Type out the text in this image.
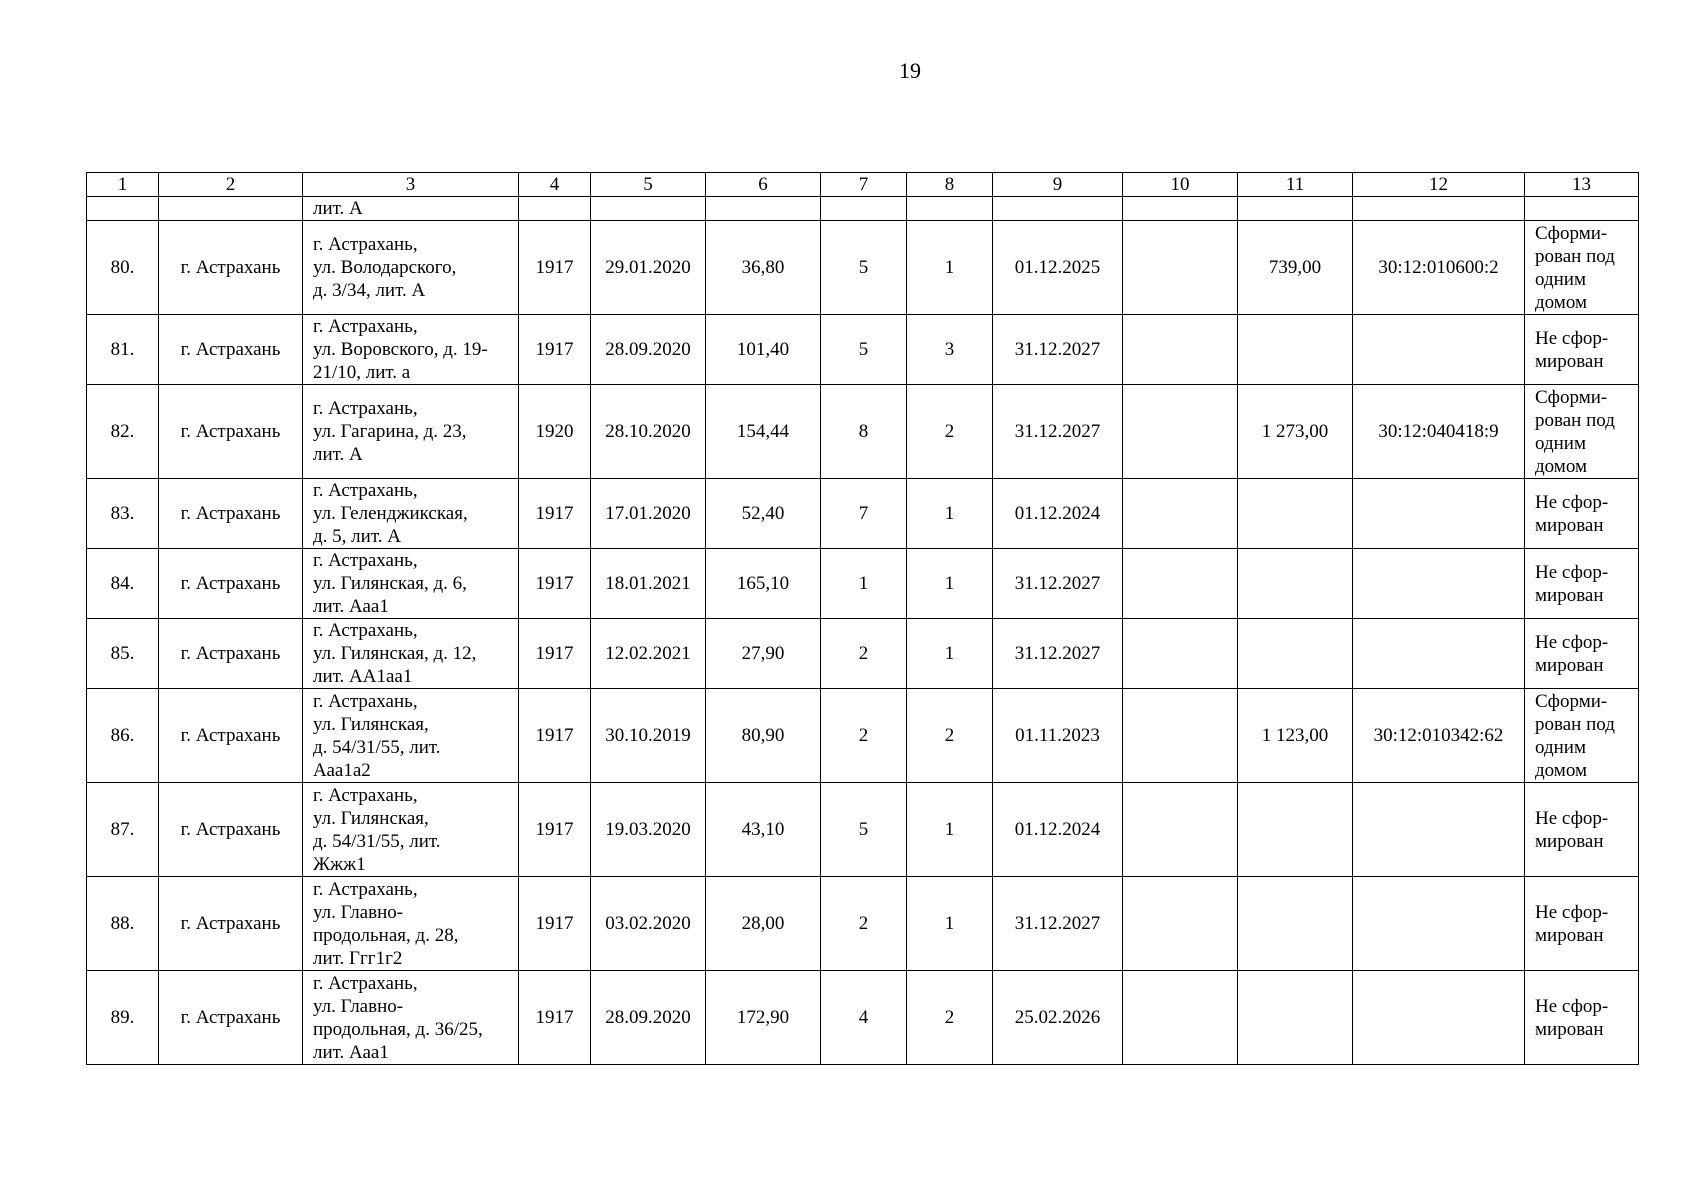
19
1	2	3	4	5	6	7	8	9	10	11	12	13
		лит. А										

80.	г. Астрахань	г. Астрахань,
ул. Володарского,
д. 3/34, лит. А	1917	29.01.2020	36,80	5	1	01.12.2025		739,00	30:12:010600:2	Сформи-
рован под
одним
домом

81.	г. Астрахань	г. Астрахань,
ул. Воровского, д. 19-
21/10, лит. а	1917	28.09.2020	101,40	5	3	31.12.2027				Не сфор-
мирован

82.	г. Астрахань	г. Астрахань,
ул. Гагарина, д. 23,
лит. А	1920	28.10.2020	154,44	8	2	31.12.2027		1 273,00	30:12:040418:9	Сформи-
рован под
одним
домом

83.	г. Астрахань	г. Астрахань,
ул. Геленджикская,
д. 5, лит. А	1917	17.01.2020	52,40	7	1	01.12.2024				Не сфор-
мирован

84.	г. Астрахань	г. Астрахань,
ул. Гилянская, д. 6,
лит. Ааа1	1917	18.01.2021	165,10	1	1	31.12.2027				Не сфор-
мирован

85.	г. Астрахань	г. Астрахань,
ул. Гилянская, д. 12,
лит. АА1аа1	1917	12.02.2021	27,90	2	1	31.12.2027				Не сфор-
мирован

86.	г. Астрахань	г. Астрахань,
ул. Гилянская,
д. 54/31/55, лит.
Ааа1а2	1917	30.10.2019	80,90	2	2	01.11.2023		1 123,00	30:12:010342:62	Сформи-
рован под
одним
домом

87.	г. Астрахань	г. Астрахань,
ул. Гилянская,
д. 54/31/55, лит.
Жжж1	1917	19.03.2020	43,10	5	1	01.12.2024				Не сфор-
мирован

88.	г. Астрахань	г. Астрахань,
ул. Главно-
продольная, д. 28,
лит. Ггг1г2	1917	03.02.2020	28,00	2	1	31.12.2027				Не сфор-
мирован

89.	г. Астрахань	г. Астрахань,
ул. Главно-
продольная, д. 36/25,
лит. Ааа1	1917	28.09.2020	172,90	4	2	25.02.2026				Не сфор-
мирован
